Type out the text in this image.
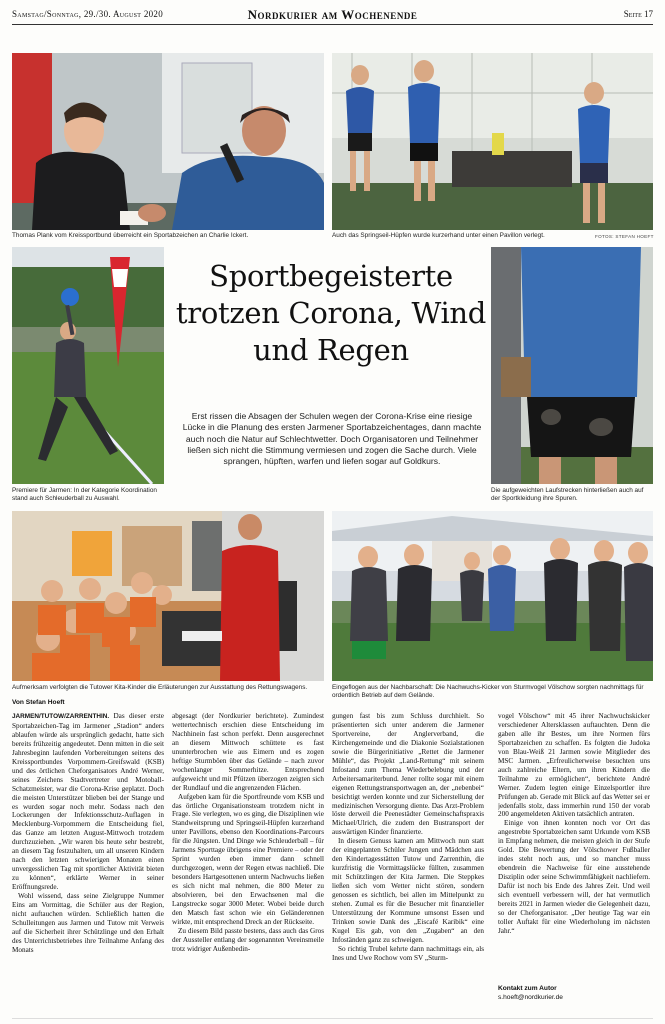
Samstag/Sonntag, 29./30. August 2020	Nordkurier am Wochenende	Seite 17
Thomas Plank vom Kreissportbund überreicht ein Sportabzeichen an Charlie Ickert.	Auch das Springseil-Hüpfen wurde kurzerhand unter einen Pavillon verlegt.	FOTOS: STEFAN HOEFT
Premiere für Jarmen: In der Kategorie Koordination stand auch Schleuderball zu Auswahl.
Sportbegeisterte trotzen Corona, Wind und Regen
Erst rissen die Absagen der Schulen wegen der Corona-Krise eine riesige Lücke in die Planung des ersten Jarmener Sportabzeichentages, dann machte auch noch die Natur auf Schlechtwetter. Doch Organisatoren und Teilnehmer ließen sich nicht die Stimmung vermiesen und zogen die Sache durch. Viele sprangen, hüpften, warfen und liefen sogar auf Goldkurs.
Die aufgeweichten Laufstrecken hinterließen auch auf der Sportkleidung ihre Spuren.
Aufmerksam verfolgten die Tutower Kita-Kinder die Erläuterungen zur Ausstattung des Rettungswagens.	Eingeflogen aus der Nachbarschaft: Die Nachwuchs-Kicker von Sturmvogel Völschow sorgten nachmittags für ordentlich Betrieb auf dem Gelände.
Von Stefan Hoeft

JARMEN/TUTOW/ZARRENTHIN. Das dieser erste Sportabzeichen-Tag im Jarmener „Stadion“ anders ablaufen würde als ursprünglich gedacht, hatte sich bereits frühzeitig angedeutet. Denn mitten in die seit Jahresbeginn laufenden Vorbereitungen seitens des Kreissportbundes Vorpommern-Greifswald (KSB) und des örtlichen Cheforganisators André Werner, seines Zeichens Stadtvertreter und Motoball-Schatzmeister, war die Corona-Krise geplatzt. Doch die meisten Unterstützer blieben bei der Stange und es wurden sogar noch mehr. Sodass nach den Lockerungen der Infektionsschutz-Auflagen in Mecklenburg-Vorpommern die Entscheidung fiel, das Ganze am letzten August-Mittwoch trotzdem durchzuziehen. „Wir waren bis heute sehr bestrebt, an diesem Tag festzuhalten, um all unseren Kindern nach den letzten schwierigen Monaten einen unvergesslichen Tag mit sportlicher Aktivität bieten zu können“, erklärte Werner in seiner Eröffnungsrede.

Wohl wissend, dass seine Zielgruppe Nummer Eins am Vormittag, die Schüler aus der Region, nicht auftauchen würden. Schließlich hatten die Schulleitungen aus Jarmen und Tutow mit Verweis auf die Sicherheit ihrer Schützlinge und den Erhalt des Unterrichtsbetriebes ihre Teilnahme Anfang des Monats

abgesagt (der Nordkurier berichtete). Zumindest wettertechnisch erschien diese Entscheidung im Nachhinein fast schon perfekt. Denn ausgerechnet an diesem Mittwoch schüttete es fast ununterbrochen wie aus Eimern und es zogen heftige Sturmböen über das Gelände – nach zuvor wochenlanger Sommerhitze. Entsprechend aufgeweicht und mit Pfützen überzogen zeigten sich der Rundlauf und die angrenzenden Flächen.

Aufgeben kam für die Sportfreunde vom KSB und das örtliche Organisationsteam trotzdem nicht in Frage. Sie verlegten, wo es ging, die Disziplinen wie Standweitsprung und Springseil-Hüpfen kurzerhand unter Pavillons, ebenso den Koordinations-Parcours für die Jüngsten. Und Dinge wie Schleuderball – für Jarmens Sporttage übrigens eine Premiere – oder der Sprint wurden eben immer dann schnell durchgezogen, wenn der Regen etwas nachließ. Die besonders Hartgesottenen unterm Nachwuchs ließen es sich nicht mal nehmen, die 800 Meter zu absolvieren, bei den Erwachsenen mal die Langstrecke sogar 3000 Meter. Wobei beide durch den Matsch fast schon wie ein Geländerennen wirkte, mit entsprechend Dreck an der Rückseite.

Zu diesem Bild passte bestens, dass auch das Gros der Aussteller entlang der sogenannten Vereinsmeile trotz widriger Außenbedin-

gungen fast bis zum Schluss durchhielt. So präsentierten sich unter anderem die Jarmener Sportvereine, der Anglerverband, die Kirchengemeinde und die Diakonie Sozialstationen sowie die Bürgerinitiative „Rettet die Jarmener Mühle“, das Projekt „Land-Rettung“ mit seinem Infostand zum Thema Wiederbelebung und der Arbeitersamariterbund. Jener rollte sogar mit einem eigenen Rettungstransportwagen an, der „nebenbei“ besichtigt werden konnte und zur Sicherstellung der medizinischen Versorgung diente. Das Arzt-Problem löste derweil die Peenestädter Gemeinschaftspraxis Michael/Ulrich, die zudem den Bustransport der auswärtigen Kinder finanzierte.

In diesem Genuss kamen am Mittwoch nun statt der eingeplanten Schüler Jungen und Mädchen aus den Kindertagesstätten Tutow und Zarrenthin, die kurzfristig die Vormittagslücke füllten, zusammen mit Schützlingen der Kita Jarmen. Die Steppkes ließen sich vom Wetter nicht stören, sondern genossen es sichtlich, bei allen im Mittelpunkt zu stehen. Zumal es für die Besucher mit finanzieller Unterstützung der Kommune umsonst Essen und Trinken sowie Dank des „Eiscafé Karibik“ eine Kugel Eis gab, von den „Zugaben“ an den Infoständen ganz zu schweigen.

So richtig Trubel kehrte dann nachmittags ein, als Ines und Uwe Rochow vom SV „Sturm-

vogel Völschow“ mit 45 ihrer Nachwuchskicker verschiedener Altersklassen auftauchten. Denn die gaben alle ihr Bestes, um ihre Normen fürs Sportabzeichen zu schaffen. Es folgten die Judoka von Blau-Weiß 21 Jarmen sowie Mitglieder des MSC Jarmen. „Erfreulicherweise besuchten uns auch zahlreiche Eltern, um ihren Kindern die Teilnahme zu ermöglichen“, berichtete André Werner. Zudem legten einige Einzelsportler ihre Prüfungen ab. Gerade mit Blick auf das Wetter sei er jedenfalls stolz, dass immerhin rund 150 der vorab 200 angemeldeten Aktiven tatsächlich antraten.

Einige von ihnen konnten noch vor Ort das angestrebte Sportabzeichen samt Urkunde vom KSB in Empfang nehmen, die meisten gleich in der Stufe Gold. Die Bewertung der Völschower Fußballer indes steht noch aus, und so mancher muss ebendrein die Nachweise für eine ausstehende Disziplin oder seine Schwimmfähigkeit nachliefern. Dafür ist noch bis Ende des Jahres Zeit. Und weil sich eventuell verbessern will, der hat vermutlich bereits 2021 in Jarmen wieder die Gelegenheit dazu, so der Cheforganisator. „Der heutige Tag war ein toller Auftakt für eine Wiederholung im nächsten Jahr.“

Kontakt zum Autor
s.hoeft@nordkurier.de
